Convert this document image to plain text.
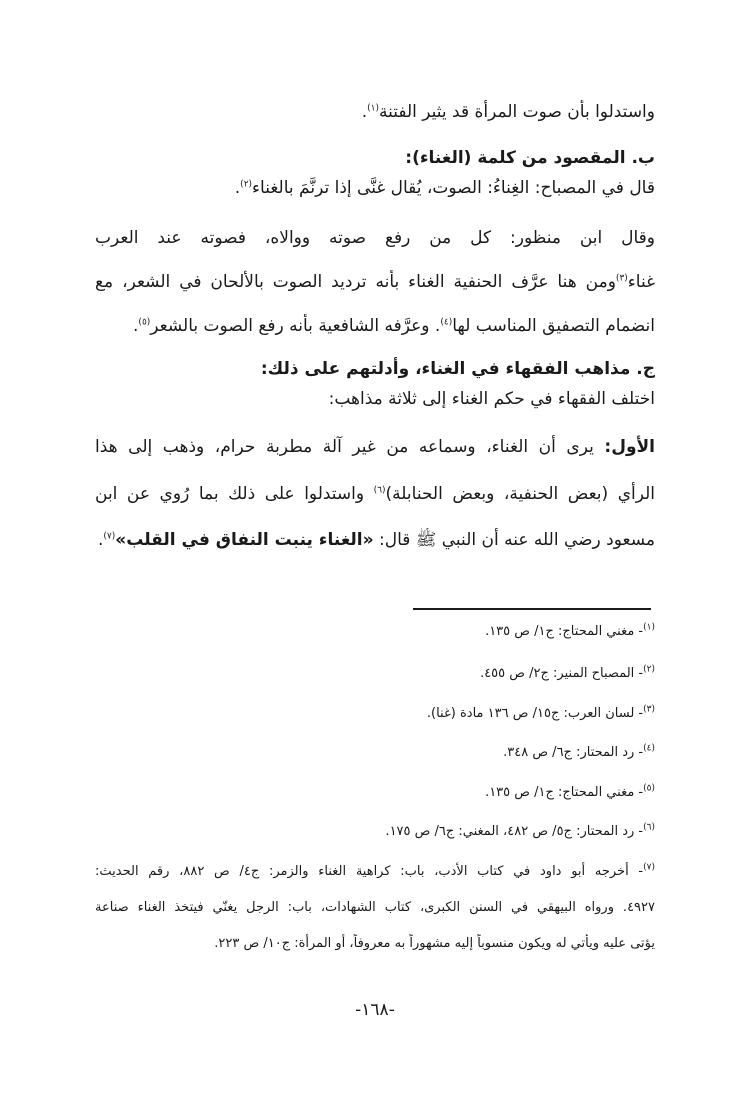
واستدلوا بأن صوت المرأة قد يثير الفتنة$^{(١)}$.
ب. المقصود من كلمة (الغناء):
قال في المصباح: الغِناءُ: الصوت، يُقال غنَّى إذا ترنَّمَ بالغناء$^{(٢)}$.
وقال ابن منظور: كل من رفع صوته ووالاه، فصوته عند العرب
غناء$^{(٣)}$ومن هنا عرَّف الحنفية الغناء بأنه ترديد الصوت بالألحان في الشعر، مع
انضمام التصفيق المناسب لها$^{(٤)}$. وعرَّفه الشافعية بأنه رفع الصوت بالشعر$^{(٥)}$.
ج. مذاهب الفقهاء في الغناء، وأدلتهم على ذلك:
اختلف الفقهاء في حكم الغناء إلى ثلاثة مذاهب:
الأول: يرى أن الغناء، وسماعه من غير آلة مطربة حرام، وذهب إلى هذا
الرأي (بعض الحنفية، وبعض الحنابلة)$^{(٦)}$ واستدلوا على ذلك بما رُوي عن ابن
مسعود رضي الله عنه أن النبي ﷺ قال: «الغناء ينبت النفاق في القلب»$^{(٧)}$.
$^{(١)}$- مغني المحتاج: ج١/ ص ١٣٥.
$^{(٢)}$- المصباح المنير: ج٢/ ص ٤٥٥.
$^{(٣)}$- لسان العرب: ج١٥/ ص ١٣٦ مادة (غنا).
$^{(٤)}$- رد المحتار: ج٦/ ص ٣٤٨.
$^{(٥)}$- مغني المحتاج: ج١/ ص ١٣٥.
$^{(٦)}$- رد المحتار: ج٥/ ص ٤٨٢، المغني: ج٦/ ص ١٧٥.
$^{(٧)}$- أخرجه أبو داود في كتاب الأدب، باب: كراهية الغناء والزمر: ج٤/ ص ٨٨٢، رقم الحديث:
٤٩٢٧. ورواه البيهقي في السنن الكبرى، كتاب الشهادات، باب: الرجل يغنّي فيتخذ الغناء صناعة
يؤتى عليه ويأتي له ويكون منسوباً إليه مشهوراً به معروفاً، أو المرأة: ج١٠/ ص ٢٢٣.
-١٦٨-
